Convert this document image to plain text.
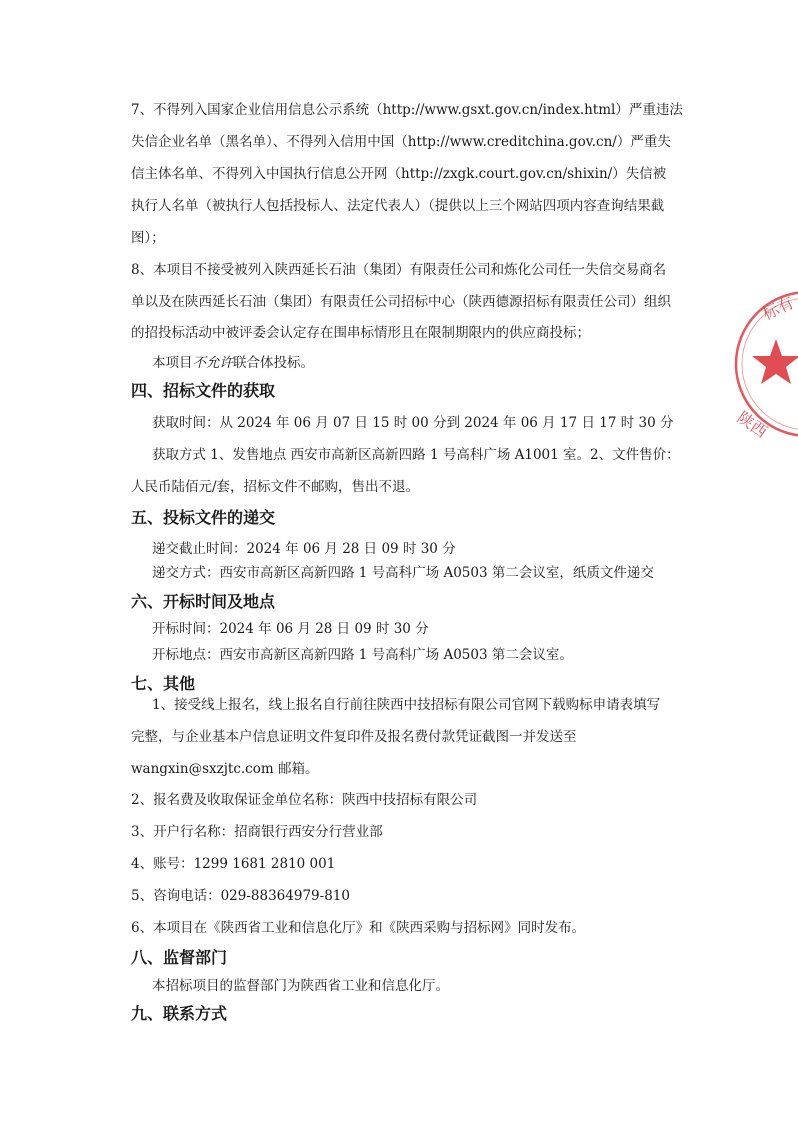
7、不得列入国家企业信用信息公示系统（http://www.gsxt.gov.cn/index.html）严重违法
失信企业名单（黑名单）、不得列入信用中国（http://www.creditchina.gov.cn/）严重失
信主体名单、不得列入中国执行信息公开网（http://zxgk.court.gov.cn/shixin/）失信被
执行人名单（被执行人包括投标人、法定代表人）（提供以上三个网站四项内容查询结果截
图）；
8、本项目不接受被列入陕西延长石油（集团）有限责任公司和炼化公司任一失信交易商名
单以及在陕西延长石油（集团）有限责任公司招标中心（陕西德源招标有限责任公司）组织
的招投标活动中被评委会认定存在围串标情形且在限制期限内的供应商投标；
本项目不允许联合体投标。
四、招标文件的获取
获取时间：从 2024 年 06 月 07 日 15 时 00 分到 2024 年 06 月 17 日 17 时 30 分
获取方式 1、发售地点 西安市高新区高新四路 1 号高科广场 A1001 室。2、文件售价：
人民币陆佰元/套，招标文件不邮购，售出不退。
五、投标文件的递交
递交截止时间：2024 年 06 月 28 日 09 时 30 分
递交方式：西安市高新区高新四路 1 号高科广场 A0503 第二会议室，纸质文件递交
六、开标时间及地点
开标时间：2024 年 06 月 28 日 09 时 30 分
开标地点：西安市高新区高新四路 1 号高科广场 A0503 第二会议室。
七、其他
1、接受线上报名，线上报名自行前往陕西中技招标有限公司官网下载购标申请表填写
完整，与企业基本户信息证明文件复印件及报名费付款凭证截图一并发送至
wangxin@sxzjtc.com 邮箱。
2、报名费及收取保证金单位名称：陕西中技招标有限公司
3、开户行名称：招商银行西安分行营业部
4、账号：1299 1681 2810 001
5、咨询电话：029-88364979-810
6、本项目在《陕西省工业和信息化厅》和《陕西采购与招标网》同时发布。
八、监督部门
本招标项目的监督部门为陕西省工业和信息化厅。
九、联系方式
标有
陕西
